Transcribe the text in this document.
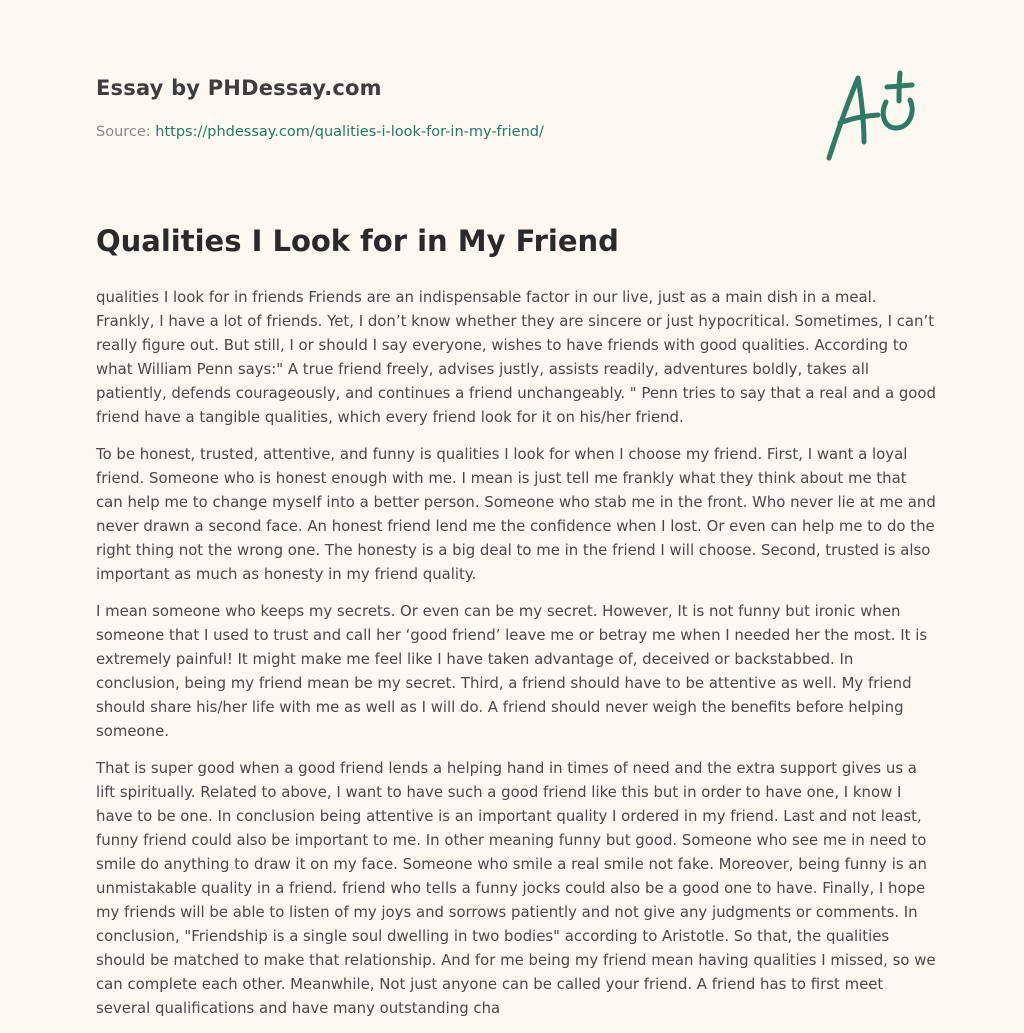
Essay by PHDessay.com
Source: https://phdessay.com/qualities-i-look-for-in-my-friend/
Qualities I Look for in My Friend

qualities I look for in friends Friends are an indispensable factor in our live, just as a main dish in a meal. Frankly, I have a lot of friends. Yet, I don’t know whether they are sincere or just hypocritical. Sometimes, I can’t really figure out. But still, I or should I say everyone, wishes to have friends with good qualities. According to what William Penn says:" A true friend freely, advises justly, assists readily, adventures boldly, takes all patiently, defends courageously, and continues a friend unchangeably. " Penn tries to say that a real and a good friend have a tangible qualities, which every friend look for it on his/her friend.

To be honest, trusted, attentive, and funny is qualities I look for when I choose my friend. First, I want a loyal friend. Someone who is honest enough with me. I mean is just tell me frankly what they think about me that can help me to change myself into a better person. Someone who stab me in the front. Who never lie at me and never drawn a second face. An honest friend lend me the confidence when I lost. Or even can help me to do the right thing not the wrong one. The honesty is a big deal to me in the friend I will choose. Second, trusted is also important as much as honesty in my friend quality.

I mean someone who keeps my secrets. Or even can be my secret. However, It is not funny but ironic when someone that I used to trust and call her ‘good friend’ leave me or betray me when I needed her the most. It is extremely painful! It might make me feel like I have taken advantage of, deceived or backstabbed. In conclusion, being my friend mean be my secret. Third, a friend should have to be attentive as well. My friend should share his/her life with me as well as I will do. A friend should never weigh the benefits before helping someone.

That is super good when a good friend lends a helping hand in times of need and the extra support gives us a lift spiritually. Related to above, I want to have such a good friend like this but in order to have one, I know I have to be one. In conclusion being attentive is an important quality I ordered in my friend. Last and not least, funny friend could also be important to me. In other meaning funny but good. Someone who see me in need to smile do anything to draw it on my face. Someone who smile a real smile not fake. Moreover, being funny is an unmistakable quality in a friend. friend who tells a funny jocks could also be a good one to have. Finally, I hope my friends will be able to listen of my joys and sorrows patiently and not give any judgments or comments. In conclusion, "Friendship is a single soul dwelling in two bodies" according to Aristotle. So that, the qualities should be matched to make that relationship. And for me being my friend mean having qualities I missed, so we can complete each other. Meanwhile, Not just anyone can be called your friend. A friend has to first meet several qualifications and have many outstanding cha
